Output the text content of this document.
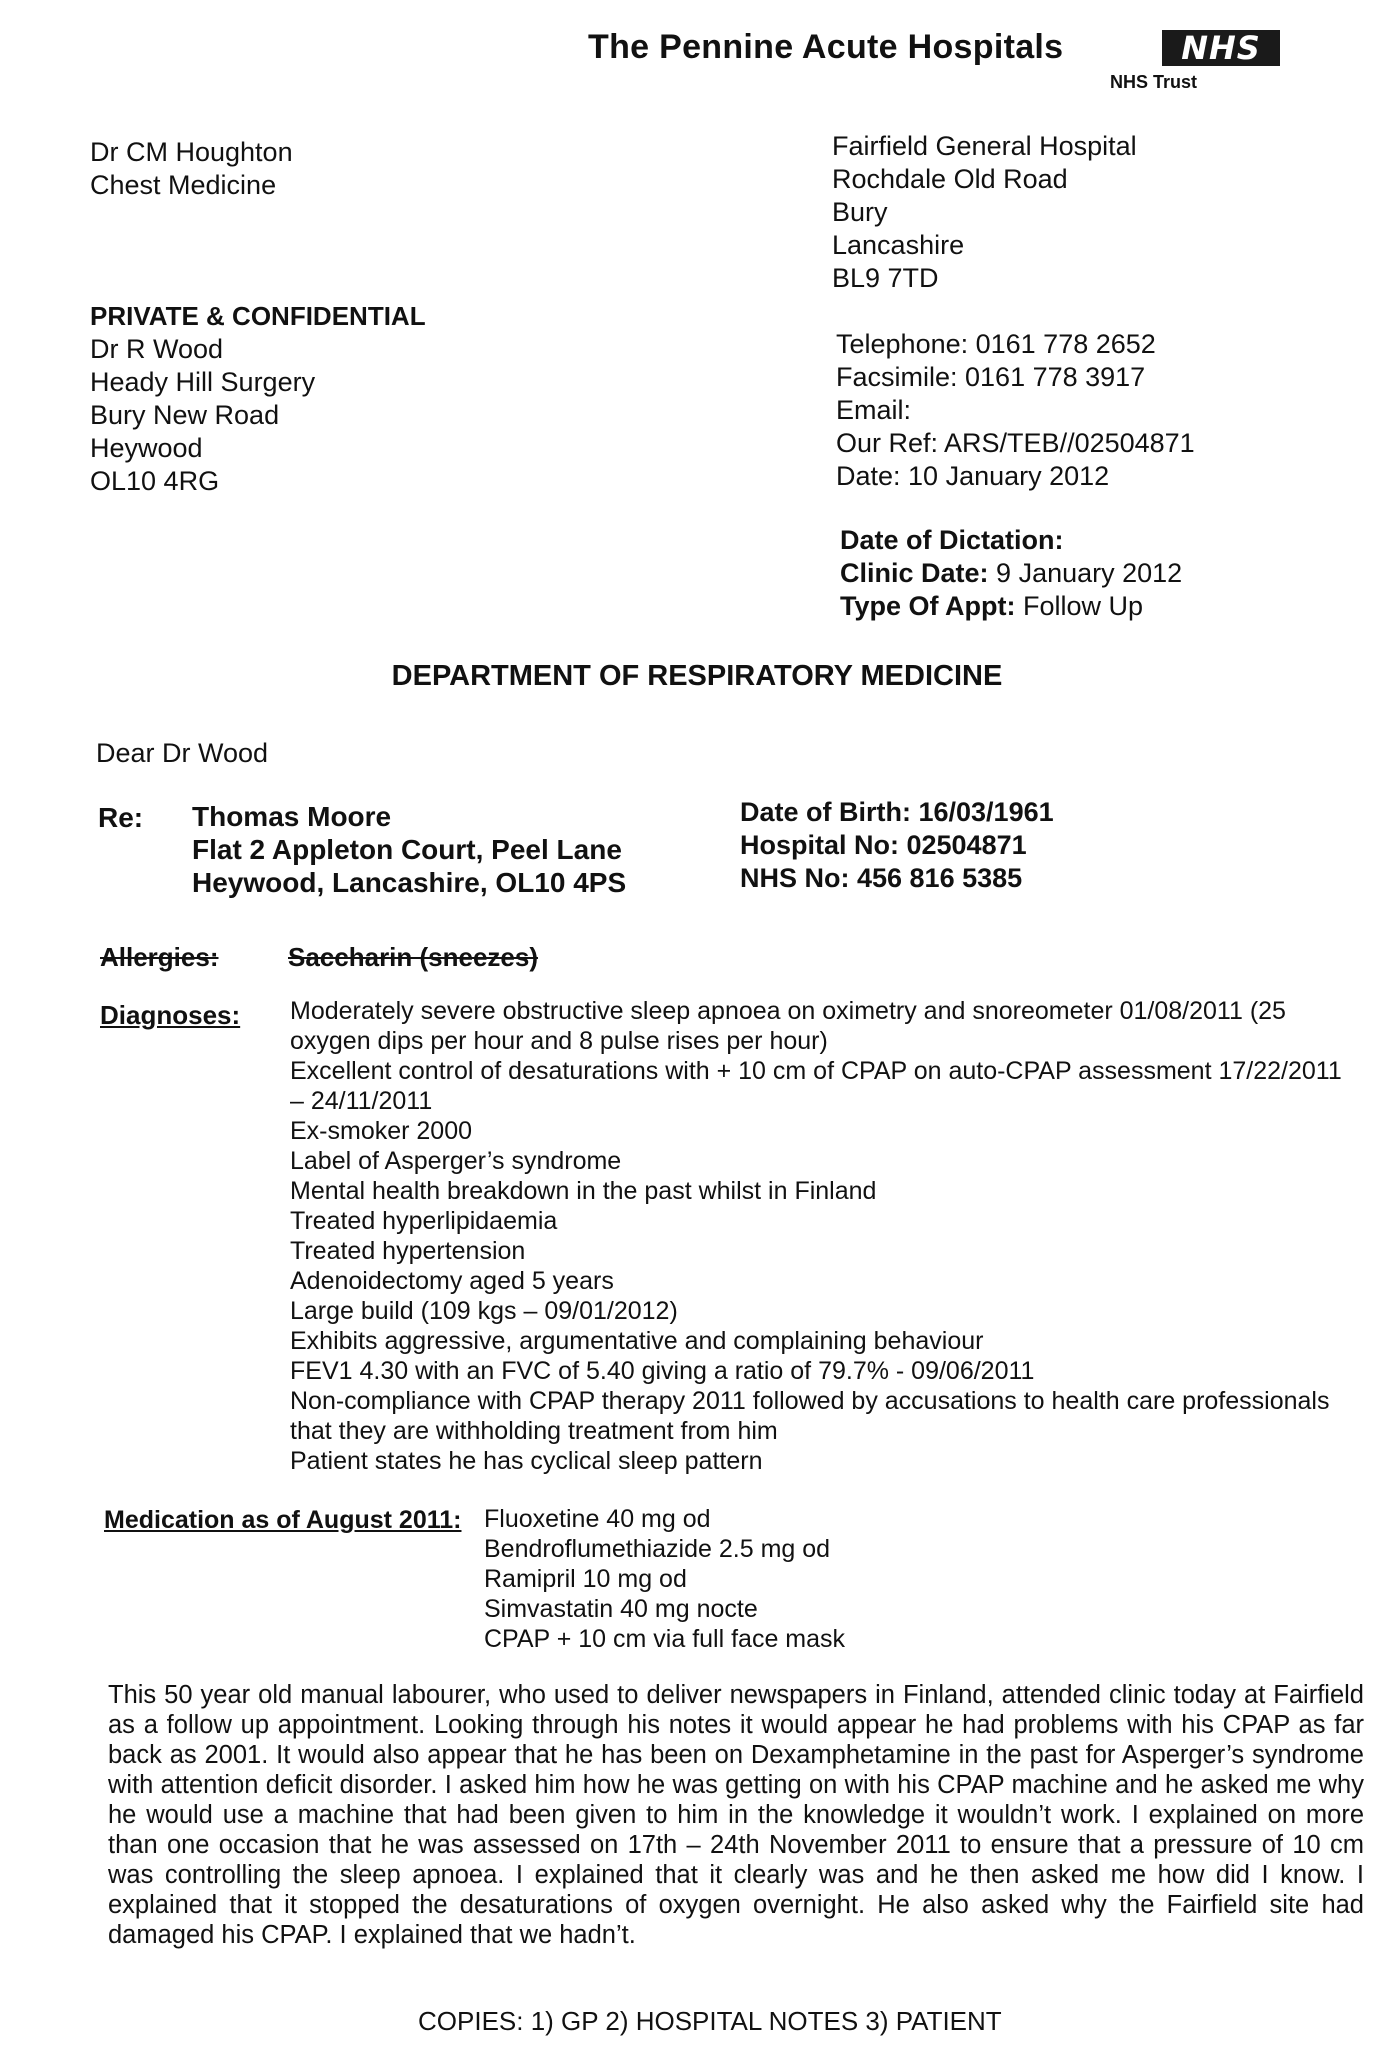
The Pennine Acute Hospitals	NHS
NHS Trust
Dr CM Houghton
Chest Medicine
Fairfield General Hospital
Rochdale Old Road
Bury
Lancashire
BL9 7TD
PRIVATE & CONFIDENTIAL
Dr R Wood
Heady Hill Surgery
Bury New Road
Heywood
OL10 4RG
Telephone: 0161 778 2652
Facsimile: 0161 778 3917
Email:
Our Ref: ARS/TEB//02504871
Date: 10 January 2012
Date of Dictation:
Clinic Date: 9 January 2012
Type Of Appt: Follow Up
DEPARTMENT OF RESPIRATORY MEDICINE
Dear Dr Wood
Re: Thomas Moore
Flat 2 Appleton Court, Peel Lane
Heywood, Lancashire, OL10 4PS
Date of Birth: 16/03/1961
Hospital No: 02504871
NHS No: 456 816 5385
Allergies:	Saccharin (sneezes)
Diagnoses: Moderately severe obstructive sleep apnoea on oximetry and snoreometer 01/08/2011 (25 oxygen dips per hour and 8 pulse rises per hour)
Excellent control of desaturations with + 10 cm of CPAP on auto-CPAP assessment 17/22/2011 – 24/11/2011
Ex-smoker 2000
Label of Asperger’s syndrome
Mental health breakdown in the past whilst in Finland
Treated hyperlipidaemia
Treated hypertension
Adenoidectomy aged 5 years
Large build (109 kgs – 09/01/2012)
Exhibits aggressive, argumentative and complaining behaviour
FEV1 4.30 with an FVC of 5.40 giving a ratio of 79.7% - 09/06/2011
Non-compliance with CPAP therapy 2011 followed by accusations to health care professionals that they are withholding treatment from him
Patient states he has cyclical sleep pattern
Medication as of August 2011: Fluoxetine 40 mg od
Bendroflumethiazide 2.5 mg od
Ramipril 10 mg od
Simvastatin 40 mg nocte
CPAP + 10 cm via full face mask
This 50 year old manual labourer, who used to deliver newspapers in Finland, attended clinic today at Fairfield as a follow up appointment. Looking through his notes it would appear he had problems with his CPAP as far back as 2001. It would also appear that he has been on Dexamphetamine in the past for Asperger’s syndrome with attention deficit disorder. I asked him how he was getting on with his CPAP machine and he asked me why he would use a machine that had been given to him in the knowledge it wouldn’t work. I explained on more than one occasion that he was assessed on 17th – 24th November 2011 to ensure that a pressure of 10 cm was controlling the sleep apnoea. I explained that it clearly was and he then asked me how did I know. I explained that it stopped the desaturations of oxygen overnight. He also asked why the Fairfield site had damaged his CPAP. I explained that we hadn’t.
COPIES: 1) GP 2) HOSPITAL NOTES 3) PATIENT
